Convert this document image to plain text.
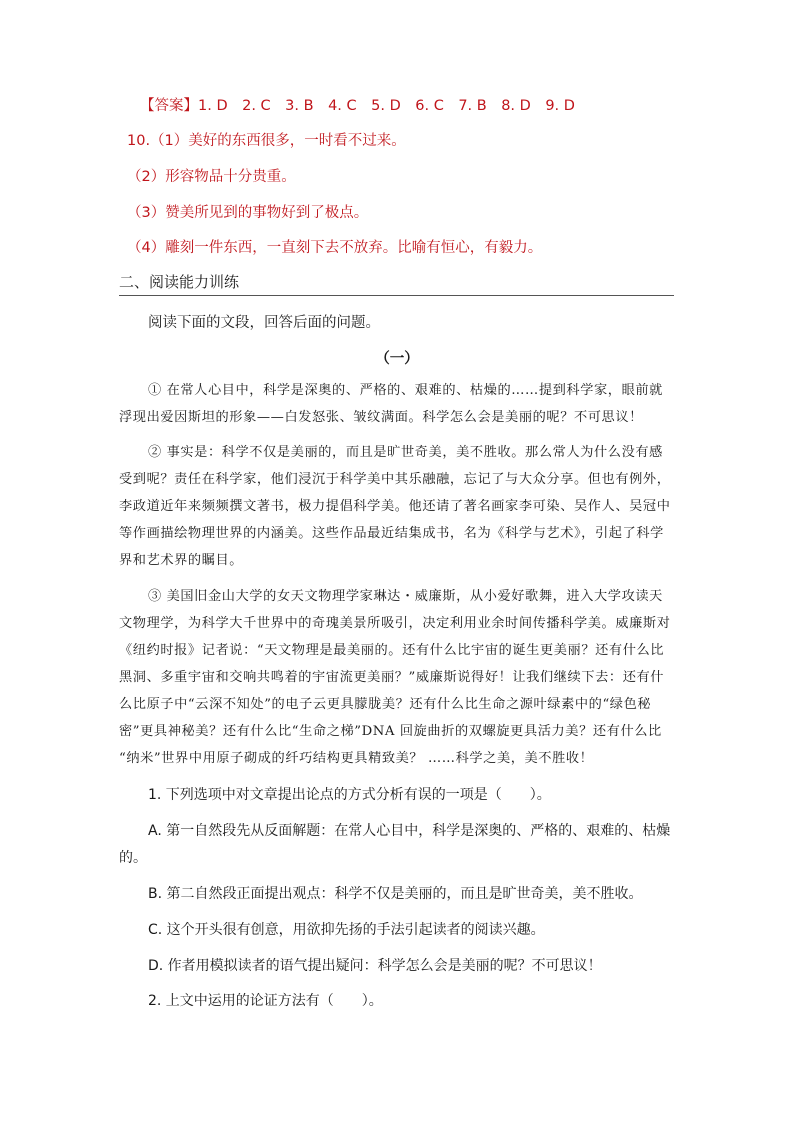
【答案】1. D　2. C　3. B　4. C　5. D　6. C　7. B　8. D　9. D
10.（1）美好的东西很多，一时看不过来。
（2）形容物品十分贵重。
（3）赞美所见到的事物好到了极点。
（4）雕刻一件东西，一直刻下去不放弃。比喻有恒心，有毅力。
二、阅读能力训练
阅读下面的文段，回答后面的问题。
（一）
① 在常人心目中，科学是深奥的、严格的、艰难的、枯燥的……提到科学家，眼前就
浮现出爱因斯坦的形象——白发怒张、皱纹满面。科学怎么会是美丽的呢？不可思议！
② 事实是：科学不仅是美丽的，而且是旷世奇美，美不胜收。那么常人为什么没有感
受到呢？责任在科学家，他们浸沉于科学美中其乐融融，忘记了与大众分享。但也有例外，
李政道近年来频频撰文著书，极力提倡科学美。他还请了著名画家李可染、吴作人、吴冠中
等作画描绘物理世界的内涵美。这些作品最近结集成书，名为《科学与艺术》，引起了科学
界和艺术界的瞩目。
③ 美国旧金山大学的女天文物理学家琳达・威廉斯，从小爱好歌舞，进入大学攻读天
文物理学，为科学大千世界中的奇瑰美景所吸引，决定利用业余时间传播科学美。威廉斯对
《纽约时报》记者说：“天文物理是最美丽的。还有什么比宇宙的诞生更美丽？还有什么比
黑洞、多重宇宙和交响共鸣着的宇宙流更美丽？”威廉斯说得好！让我们继续下去：还有什
么比原子中“云深不知处”的电子云更具朦胧美？还有什么比生命之源叶绿素中的“绿色秘
密”更具神秘美？还有什么比“生命之梯”DNA 回旋曲折的双螺旋更具活力美？还有什么比
“纳米”世界中用原子砌成的纤巧结构更具精致美？ ……科学之美，美不胜收！
1. 下列选项中对文章提出论点的方式分析有误的一项是（　　）。
A. 第一自然段先从反面解题：在常人心目中，科学是深奥的、严格的、艰难的、枯燥
的。
B. 第二自然段正面提出观点：科学不仅是美丽的，而且是旷世奇美，美不胜收。
C. 这个开头很有创意，用欲抑先扬的手法引起读者的阅读兴趣。
D. 作者用模拟读者的语气提出疑问：科学怎么会是美丽的呢？不可思议！
2. 上文中运用的论证方法有（　　）。
